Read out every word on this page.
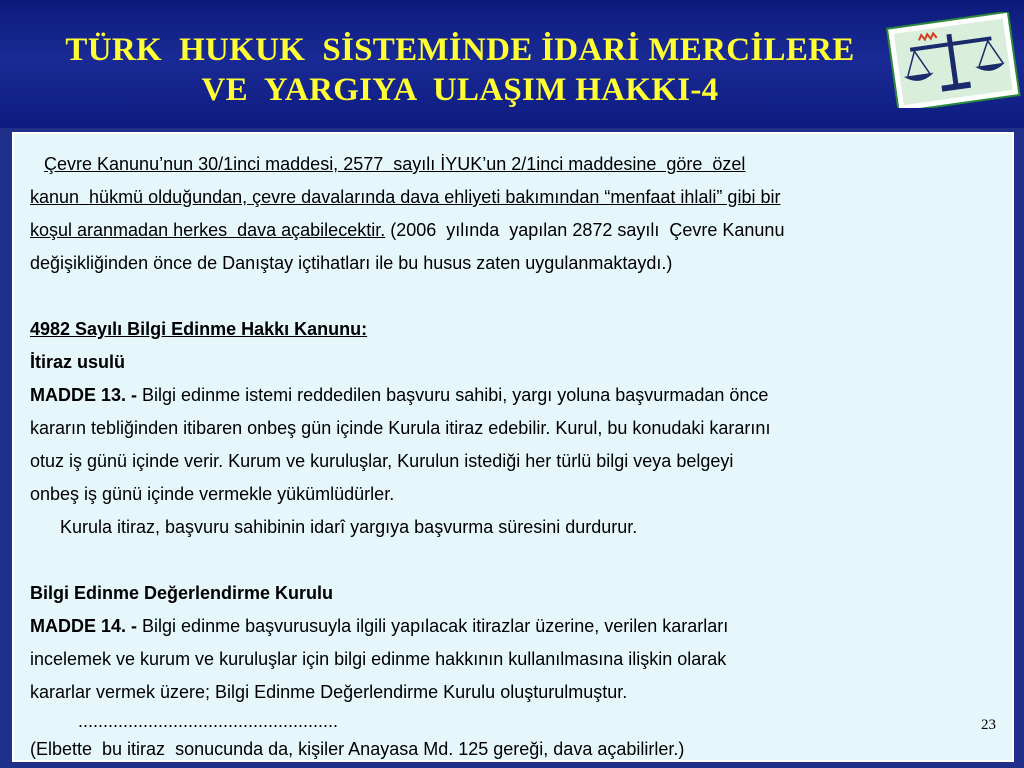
TÜRK  HUKUK  SİSTEMİNDE İDARİ MERCİLERE
VE  YARGIYA  ULAŞIM HAKKI-4
Çevre Kanunu’nun 30/1inci maddesi, 2577  sayılı İYUK’un 2/1inci maddesine  göre  özel
kanun  hükmü olduğundan, çevre davalarında dava ehliyeti bakımından “menfaat ihlali” gibi bir
koşul aranmadan herkes  dava açabilecektir. (2006  yılında  yapılan 2872 sayılı  Çevre Kanunu
değişikliğinden önce de Danıştay içtihatları ile bu husus zaten uygulanmaktaydı.)
4982 Sayılı Bilgi Edinme Hakkı Kanunu:
İtiraz usulü
MADDE 13. - Bilgi edinme istemi reddedilen başvuru sahibi, yargı yoluna başvurmadan önce
kararın tebliğinden itibaren onbeş gün içinde Kurula itiraz edebilir. Kurul, bu konudaki kararını
otuz iş günü içinde verir. Kurum ve kuruluşlar, Kurulun istediği her türlü bilgi veya belgeyi
onbeş iş günü içinde vermekle yükümlüdürler.
Kurula itiraz, başvuru sahibinin idarî yargıya başvurma süresini durdurur.
Bilgi Edinme Değerlendirme Kurulu
MADDE 14. - Bilgi edinme başvurusuyla ilgili yapılacak itirazlar üzerine, verilen kararları
incelemek ve kurum ve kuruluşlar için bilgi edinme hakkının kullanılmasına ilişkin olarak
kararlar vermek üzere; Bilgi Edinme Değerlendirme Kurulu oluşturulmuştur.
....................................................
(Elbette  bu itiraz  sonucunda da, kişiler Anayasa Md. 125 gereği, dava açabilirler.)
23
